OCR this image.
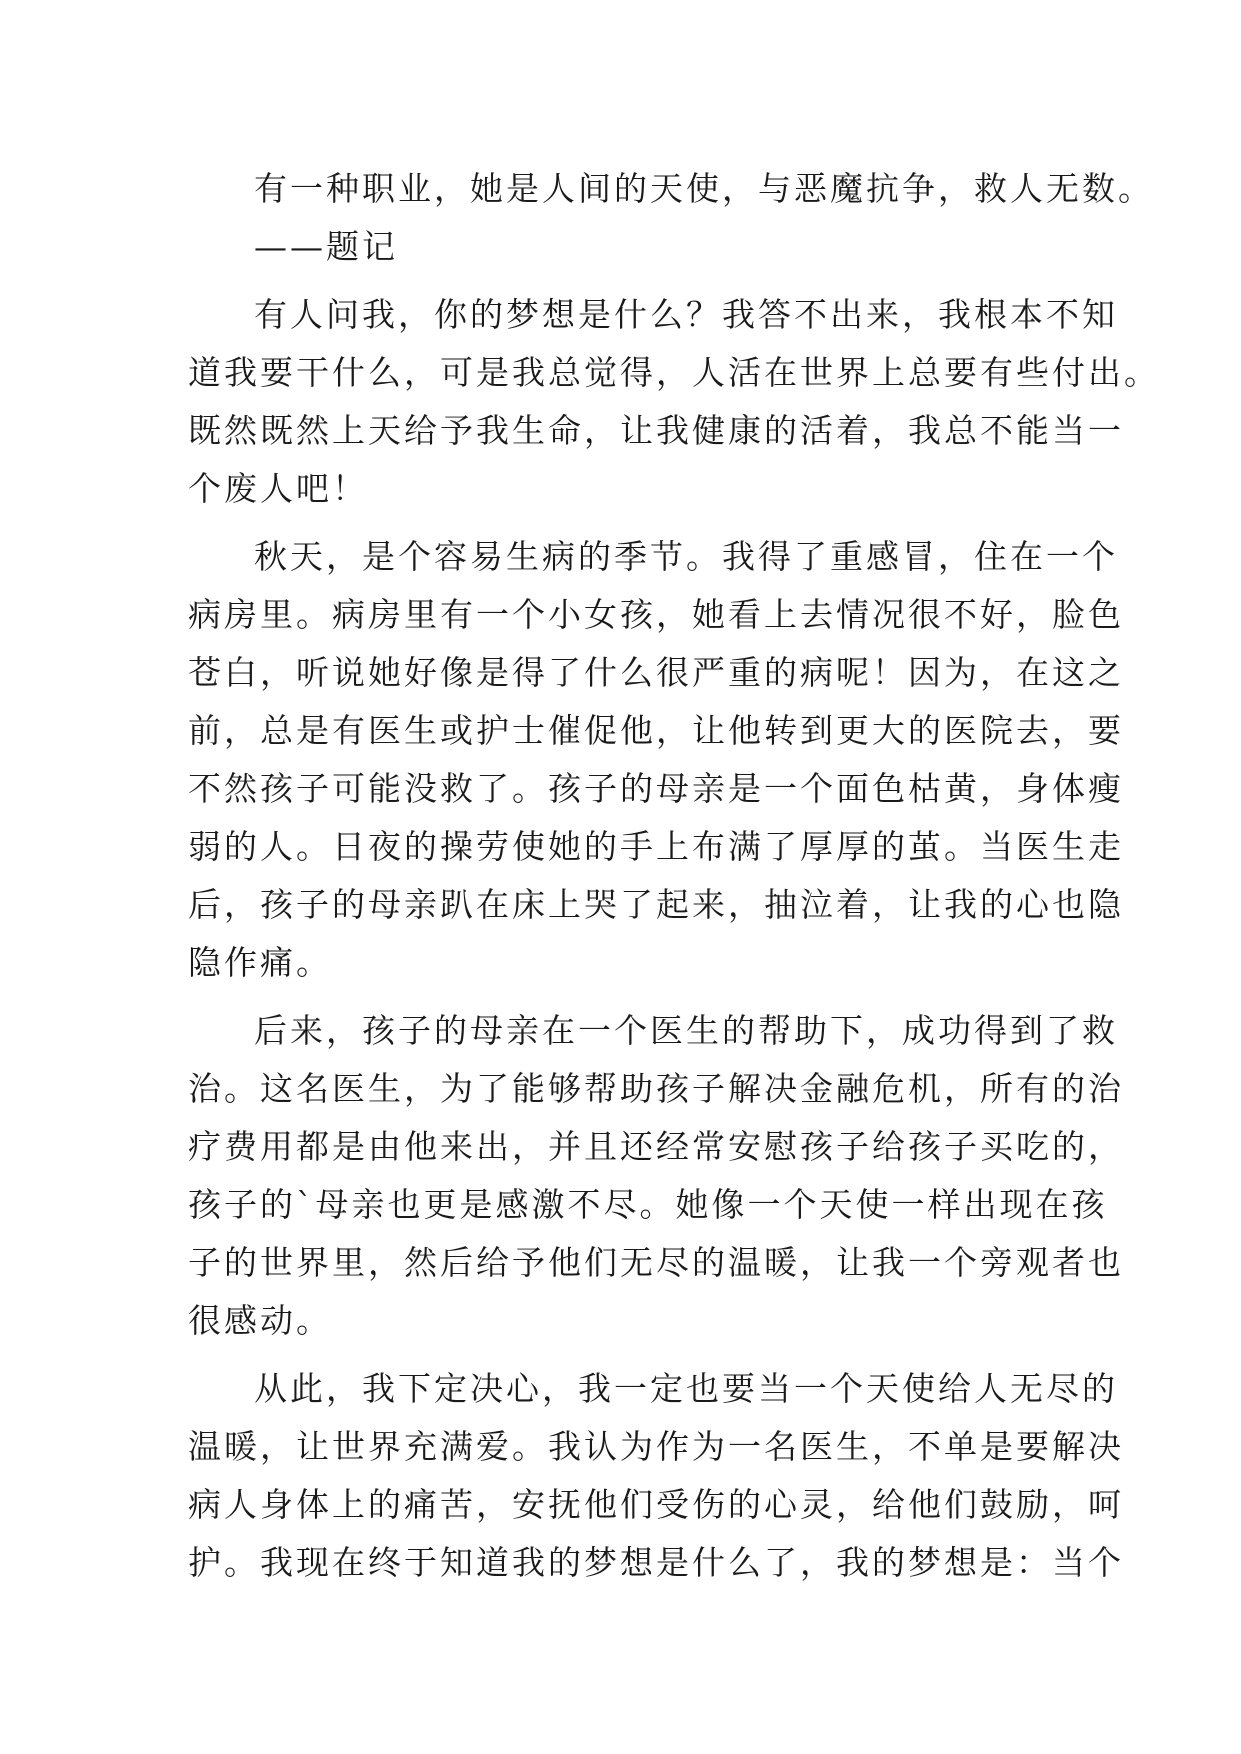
有一种职业，她是人间的天使，与恶魔抗争，救人无数。
——题记
有人问我，你的梦想是什么？我答不出来，我根本不知
道我要干什么，可是我总觉得，人活在世界上总要有些付出。
既然既然上天给予我生命，让我健康的活着，我总不能当一
个废人吧！
秋天，是个容易生病的季节。我得了重感冒，住在一个
病房里。病房里有一个小女孩，她看上去情况很不好，脸色
苍白，听说她好像是得了什么很严重的病呢！因为，在这之
前，总是有医生或护士催促他，让他转到更大的医院去，要
不然孩子可能没救了。孩子的母亲是一个面色枯黄，身体瘦
弱的人。日夜的操劳使她的手上布满了厚厚的茧。当医生走
后，孩子的母亲趴在床上哭了起来，抽泣着，让我的心也隐
隐作痛。
后来，孩子的母亲在一个医生的帮助下，成功得到了救
治。这名医生，为了能够帮助孩子解决金融危机，所有的治
疗费用都是由他来出，并且还经常安慰孩子给孩子买吃的，
孩子的`母亲也更是感激不尽。她像一个天使一样出现在孩
子的世界里，然后给予他们无尽的温暖，让我一个旁观者也
很感动。
从此，我下定决心，我一定也要当一个天使给人无尽的
温暖，让世界充满爱。我认为作为一名医生，不单是要解决
病人身体上的痛苦，安抚他们受伤的心灵，给他们鼓励，呵
护。我现在终于知道我的梦想是什么了，我的梦想是：当个
